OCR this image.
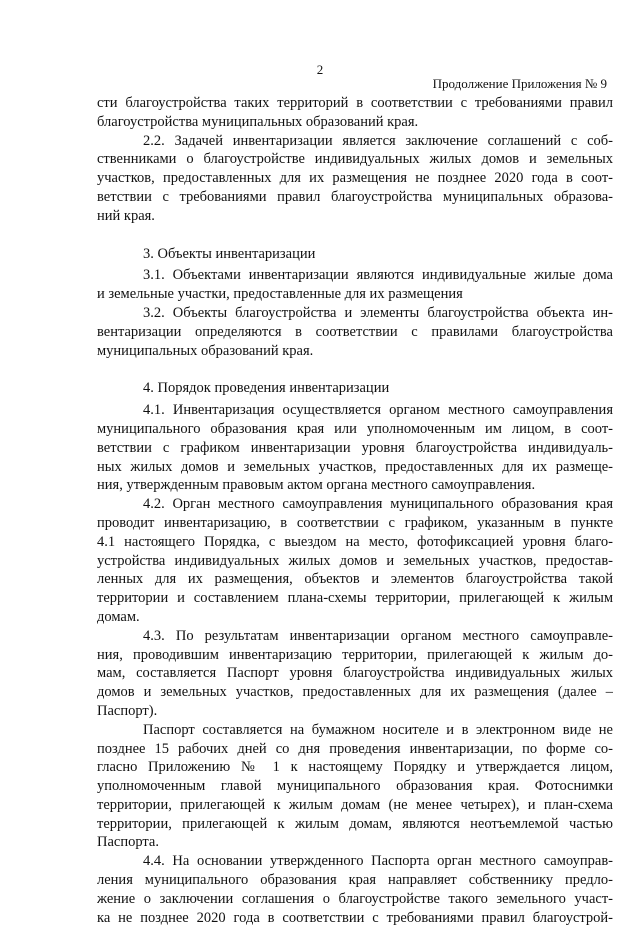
2
Продолжение Приложения № 9
сти благоустройства таких территорий в соответствии с требованиями правил
благоустройства муниципальных образований края.
2.2. Задачей инвентаризации является заключение соглашений с соб-
ственниками о благоустройстве индивидуальных жилых домов и земельных
участков, предоставленных для их размещения не позднее 2020 года в соот-
ветствии с требованиями правил благоустройства муниципальных образова-
ний края.
3. Объекты инвентаризации
3.1. Объектами инвентаризации являются индивидуальные жилые дома
и земельные участки, предоставленные для их размещения
3.2. Объекты благоустройства и элементы благоустройства объекта ин-
вентаризации определяются в соответствии с правилами благоустройства
муниципальных образований края.
4. Порядок проведения инвентаризации
4.1. Инвентаризация осуществляется органом местного самоуправления
муниципального образования края или уполномоченным им лицом, в соот-
ветствии с графиком инвентаризации уровня благоустройства индивидуаль-
ных жилых домов и земельных участков, предоставленных для их размеще-
ния, утвержденным правовым актом органа местного самоуправления.
4.2. Орган местного самоуправления муниципального образования края
проводит инвентаризацию, в соответствии с графиком, указанным в пункте
4.1 настоящего Порядка, с выездом на место, фотофиксацией уровня благо-
устройства индивидуальных жилых домов и земельных участков, предостав-
ленных для их размещения, объектов и элементов благоустройства такой
территории и составлением плана-схемы территории, прилегающей к жилым
домам.
4.3. По результатам инвентаризации органом местного самоуправле-
ния, проводившим инвентаризацию территории, прилегающей к жилым до-
мам, составляется Паспорт уровня благоустройства индивидуальных жилых
домов и земельных участков, предоставленных для их размещения (далее –
Паспорт).
Паспорт составляется на бумажном носителе и в электронном виде не
позднее 15 рабочих дней со дня проведения инвентаризации, по форме со-
гласно Приложению № 1 к настоящему Порядку и утверждается лицом,
уполномоченным главой муниципального образования края. Фотоснимки
территории, прилегающей к жилым домам (не менее четырех), и план-схема
территории, прилегающей к жилым домам, являются неотъемлемой частью
Паспорта.
4.4. На основании утвержденного Паспорта орган местного самоуправ-
ления муниципального образования края направляет собственнику предло-
жение о заключении соглашения о благоустройстве такого земельного участ-
ка не позднее 2020 года в соответствии с требованиями правил благоустрой-
